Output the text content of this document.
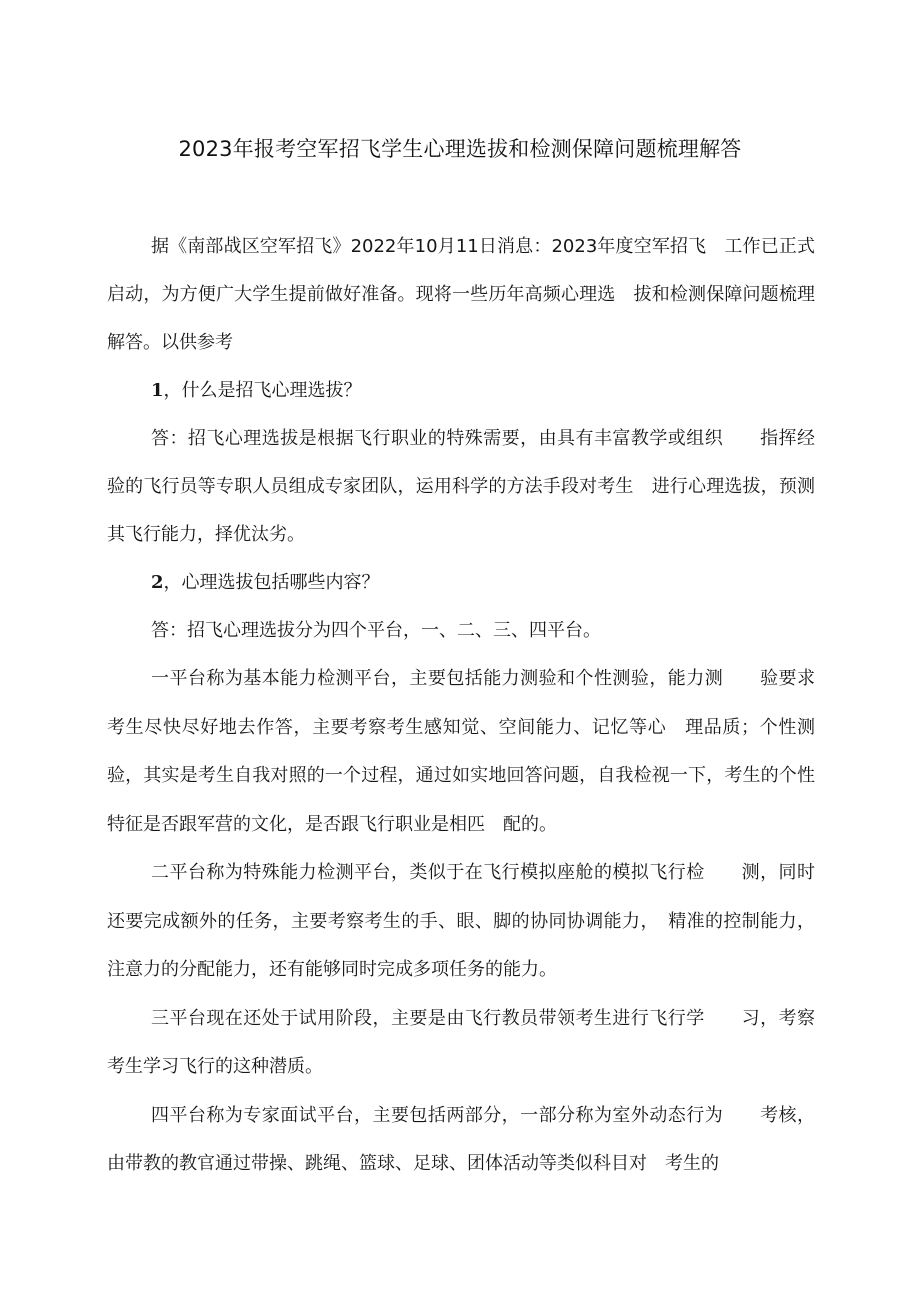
2023年报考空军招飞学生心理选拔和检测保障问题梳理解答

据《南部战区空军招飞》2022年10月11日消息：2023年度空军招飞　工作已正式启动，为方便广大学生提前做好准备。现将一些历年高频心理选　拔和检测保障问题梳理解答。以供参考

1，什么是招飞心理选拔？

答：招飞心理选拔是根据飞行职业的特殊需要，由具有丰富教学或组织　　指挥经验的飞行员等专职人员组成专家团队，运用科学的方法手段对考生　进行心理选拔，预测其飞行能力，择优汰劣。

2，心理选拔包括哪些内容？

答：招飞心理选拔分为四个平台，一、二、三、四平台。

一平台称为基本能力检测平台，主要包括能力测验和个性测验，能力测　　验要求考生尽快尽好地去作答，主要考察考生感知觉、空间能力、记忆等心　理品质；个性测验，其实是考生自我对照的一个过程，通过如实地回答问题，自我检视一下，考生的个性特征是否跟军营的文化，是否跟飞行职业是相匹　配的。

二平台称为特殊能力检测平台，类似于在飞行模拟座舱的模拟飞行检　　测，同时还要完成额外的任务，主要考察考生的手、眼、脚的协同协调能力，　精准的控制能力，注意力的分配能力，还有能够同时完成多项任务的能力。

三平台现在还处于试用阶段，主要是由飞行教员带领考生进行飞行学　　习，考察考生学习飞行的这种潜质。

四平台称为专家面试平台，主要包括两部分，一部分称为室外动态行为　　考核，由带教的教官通过带操、跳绳、篮球、足球、团体活动等类似科目对　考生的
